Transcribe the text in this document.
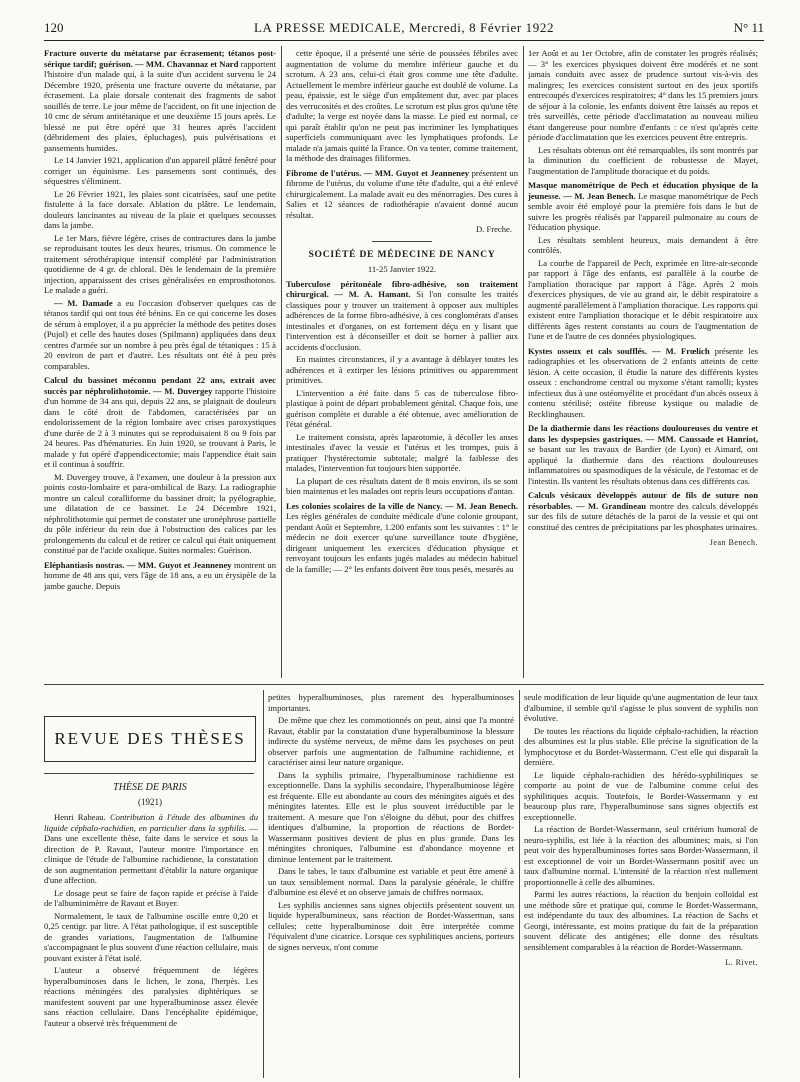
120	LA PRESSE MEDICALE, Mercredi, 8 Février 1922	N° 11

Fracture ouverte du métatarse par écrasement; tétanos post-sérique tardif; guérison. — MM. Chavannaz et Nard rapportent l'histoire d'un malade qui, à la suite d'un accident survenu le 24 Décembre 1920, présenta une fracture ouverte du métatarse, par écrasement. La plaie dorsale contenait des fragments de sabot souillés de terre. Le jour même de l'accident, on fit une injection de 10 cmc de sérum antitétanique et une deuxième 15 jours après. Le blessé ne put être opéré que 31 heures après l'accident (débridement des plaies, épluchages), puis pulvérisations et pansements humides.

Le 14 Janvier 1921, application d'un appareil plâtré fenêtré pour corriger un équinisme. Les pansements sont continués, des séquestres s'éliminent.

Le 26 Février 1921, les plaies sont cicatrisées, sauf une petite fistulette à la face dorsale. Ablation du plâtre. Le lendemain, douleurs lancinantes au niveau de la plaie et quelques secousses dans la jambe.

Le 1er Mars, fièvre légère, crises de contractures dans la jambe se reproduisant toutes les deux heures, trismus. On commence le traitement sérothérapique intensif complété par l'administration quotidienne de 4 gr. de chloral. Dès le lendemain de la première injection, apparaissent des crises généralisées en emprosthotonos. Le malade a guéri.

— M. Damade a eu l'occasion d'observer quelques cas de tétanos tardif qui ont tous été bénins. En ce qui concerne les doses de sérum à employer, il a pu apprécier la méthode des petites doses (Pujol) et celle des hautes doses (Spilmann) appliquées dans deux centres d'armée sur un nombre à peu près égal de tétaniques : 15 à 20 environ de part et d'autre. Les résultats ont été à peu près comparables.

Calcul du bassinet méconnu pendant 22 ans, extrait avec succès par néphrolithotomie. — M. Duvergey rapporte l'histoire d'un homme de 34 ans qui, depuis 22 ans, se plaignait de douleurs dans le côté droit de l'abdomen, caractérisées par un endolorissement de la région lombaire avec crises paroxystiques d'une durée de 2 à 3 minutes qui se reproduisaient 8 ou 9 fois par 24 heures. Pas d'hématuries. En Juin 1920, se trouvant à Paris, le malade y fut opéré d'appendicectomie; mais l'appendice était sain et il continua à souffrir.

M. Duvergey trouve, à l'examen, une douleur à la pression aux points costo-lombaire et para-ombilical de Bazy. La radiographie montre un calcul coralliforme du bassinet droit; la pyélographie, une dilatation de ce bassinet. Le 24 Décembre 1921, néphrolithotomie qui permet de constater une uronéphrose partielle du pôle inférieur du rein due à l'obstruction des calices par les prolongements du calcul et de retirer ce calcul qui était uniquement constitué par de l'acide oxalique. Suites normales: Guérison.

Eléphantiasis nostras. — MM. Guyot et Jeanneney montrent un homme de 48 ans qui, vers l'âge de 18 ans, a eu un érysipèle de la jambe gauche. Depuis

cette époque, il a présenté une série de poussées fébriles avec augmentation de volume du membre inférieur gauche et du scrotum. A 23 ans, celui-ci était gros comme une tête d'adulte. Actuellement le membre inférieur gauche est doublé de volume. La peau, épaissie, est le siège d'un empâtement dur, avec par places des verrucosités et des croûtes. Le scrotum est plus gros qu'une tête d'adulte; la verge est noyée dans la masse. Le pied est normal, ce qui paraît établir qu'on ne peut pas incriminer les lymphatiques superficiels communiquant avec les lymphatiques profonds. Le malade n'a jamais quitté la France. On va tenter, comme traitement, la méthode des drainages filiformes.

Fibrome de l'utérus. — MM. Guyot et Jeanneney présentent un fibrome de l'utérus, du volume d'une tête d'adulte, qui a été enlevé chirurgicalement. La malade avait eu des ménorragies. Des cures à Salies et 12 séances de radiothérapie n'avaient donné aucun résultat.

D. Freche.

SOCIÉTÉ DE MÉDECINE DE NANCY

11-25 Janvier 1922.

Tuberculose péritonéale fibro-adhésive, son traitement chirurgical. — M. A. Hamant. Si l'on consulte les traités classiques pour y trouver un traitement à opposer aux multiples adhérences de la forme fibro-adhésive, à ces conglomérats d'anses intestinales et d'organes, on est fortement déçu en y lisant que l'intervention est à déconseiller et doit se borner à pallier aux accidents d'occlusion.

En maintes circonstances, il y a avantage à déblayer toutes les adhérences et à extirper les lésions primitives ou apparemment primitives.

L'intervention a été faite dans 5 cas de tuberculose fibro-plastique à point de départ probablement génital. Chaque fois, une guérison complète et durable a été obtenue, avec amélioration de l'état général.

Le traitement consista, après laparotomie, à décoller les anses intestinales d'avec la vessie et l'utérus et les trompes, puis à pratiquer l'hystérectomie subtotale; malgré la faiblesse des malades, l'intervention fut toujours bien supportée.

La plupart de ces résultats datent de 8 mois environ, ils se sont bien maintenus et les malades ont repris leurs occupations d'antan.

Les colonies scolaires de la ville de Nancy. — M. Jean Benech. Les règles générales de conduite médicale d'une colonie groupant, pendant Août et Septembre, 1.200 enfants sont les suivantes : 1° le médecin ne doit exercer qu'une surveillance toute d'hygiène, dirigeant uniquement les exercices d'éducation physique et renvoyant toujours les enfants jugés malades au médecin habituel de la famille; — 2° les enfants doivent être tous pesés, mesurés au

1er Août et au 1er Octobre, afin de constater les progrès réalisés; — 3° les exercices physiques doivent être modérés et ne sont jamais conduits avec assez de prudence surtout vis-à-vis des malingres; les exercices consistent surtout en des jeux sportifs entrecoupés d'exercices respiratoires; 4° dans les 15 premiers jours de séjour à la colonie, les enfants doivent être laissés au repos et très surveillés, cette période d'acclimatation au nouveau milieu étant dangereuse pour nombre d'enfants : ce n'est qu'après cette période d'acclimatation que les exercices peuvent être entrepris.

Les résultats obtenus ont été remarquables, ils sont montrés par la diminution du coefficient de robustesse de Mayet, l'augmentation de l'amplitude thoracique et du poids.

Masque manométrique de Pech et éducation physique de la jeunesse. — M. Jean Benech. Le masque manométrique de Pech semble avoir été employé pour la première fois dans le but de suivre les progrès réalisés par l'appareil pulmonaire au cours de l'éducation physique.

Les résultats semblent heureux, mais demandent à être contrôlés.

La courbe de l'appareil de Pech, exprimée en litre-air-seconde par rapport à l'âge des enfants, est parallèle à la courbe de l'ampliation thoracique par rapport à l'âge. Après 2 mois d'exercices physiques, de vie au grand air, le débit respiratoire a augmenté parallèlement à l'ampliation thoracique. Les rapports qui existent entre l'ampliation thoracique et le débit respiratoire aux différents âges restent constants au cours de l'augmentation de l'une et de l'autre de ces données physiologiques.

Kystes osseux et cals soufflés. — M. Frœlich présente les radiographies et les observations de 2 enfants atteints de cette lésion. A cette occasion, il étudie la nature des différents kystes osseux : enchondrome central ou myxome s'étant ramolli; kystes infectieux dus à une ostéomyélite et procédant d'un abcès osseux à contenu stérilisé; ostéite fibreuse kystique ou maladie de Recklinghausen.

De la diathermie dans les réactions douloureuses du ventre et dans les dyspepsies gastriques. — MM. Caussade et Hanriot, se basant sur les travaux de Bardier (de Lyon) et Aimard, ont appliqué la diathermie dans des réactions douloureuses inflammatoires ou spasmodiques de la vésicule, de l'estomac et de l'intestin. Ils vantent les résultats obtenus dans ces différents cas.

Calculs vésicaux développés autour de fils de suture non résorbables. — M. Grandineau montre des calculs développés sur des fils de suture détachés de la paroi de la vessie et qui ont constitué des centres de précipitations par les phosphates urinaires.

Jean Benech.
REVUE DES THÈSES
THÈSE DE PARIS
(1921)

Henri Rabeau. Contribution à l'étude des albumines du liquide céphalo-rachidien, en particulier dans la syphilis. — Dans une excellente thèse, faite dans le service et sous la direction de P. Ravaut, l'auteur montre l'importance en clinique de l'étude de l'albumine rachidienne, la constatation de son augmentation permettant d'établir la nature organique d'une affection.

Le dosage peut se faire de façon rapide et précise à l'aide de l'albuminimètre de Ravaut et Boyer.

Normalement, le taux de l'albumine oscille entre 0,20 et 0,25 centigr. par litre. A l'état pathologique, il est susceptible de grandes variations, l'augmentation de l'albumine s'accompagnant le plus souvent d'une réaction cellulaire, mais pouvant exister à l'état isolé.

L'auteur a observé fréquemment de légères hyperalbuminoses dans le lichen, le zona, l'herpès. Les réactions méningées des paralysies diphtériques se manifestent souvent par une hyperalbuminose assez élevée sans réaction cellulaire. Dans l'encéphalite épidémique, l'auteur a observé très fréquemment de

petites hyperalbuminoses, plus rarement des hyperalbuminoses importantes.

De même que chez les commotionnés on peut, ainsi que l'a montré Ravaut, établir par la constatation d'une hyperalbuminose la blessure indirecte du système nerveux, de même dans les psychoses on peut observer parfois une augmentation de l'albumine rachidienne, et caractériser ainsi leur nature organique.

Dans la syphilis primaire, l'hyperalbuminose rachidienne est exceptionnelle. Dans la syphilis secondaire, l'hyperalbuminose légère est fréquente. Elle est abondante au cours des méningites aiguës et des méningites latentes. Elle est le plus souvent irréductible par le traitement. A mesure que l'on s'éloigne du début, pour des chiffres identiques d'albumine, la proportion de réactions de Bordet-Wassermann positives devient de plus en plus grande. Dans les méningites chroniques, l'albumine est d'abondance moyenne et diminue lentement par le traitement.

Dans le tabes, le taux d'albumine est variable et peut être amené à un taux sensiblement normal. Dans la paralysie générale, le chiffre d'albumine est élevé et on observe jamais de chiffres normaux.

Les syphilis anciennes sans signes objectifs présentent souvent un liquide hyperalbumineux, sans réaction de Bordet-Wasserman, sans cellules; cette hyperalbuminose doit être interprétée comme l'équivalent d'une cicatrice. Lorsque ces syphilitiques anciens, porteurs de signes nerveux, n'ont comme

seule modification de leur liquide qu'une augmentation de leur taux d'albumine, il semble qu'il s'agisse le plus souvent de syphilis non évolutive.

De toutes les réactions du liquide céphalo-rachidien, la réaction des albumines est la plus stable. Elle précise la signification de la lymphocytose et du Bordet-Wassermann. C'est elle qui disparaît la dernière.

Le liquide céphalo-rachidien des hérédo-syphilitiques se comporte au point de vue de l'albumine comme celui des syphilitiques acquis. Toutefois, le Bordet-Wassermann y est beaucoup plus rare, l'hyperalbuminose sans signes objectifs est exceptionnelle.

La réaction de Bordet-Wassermann, seul critérium humoral de neuro-syphilis, est liée à la réaction des albumines; mais, si l'on peut voir des hyperalbuminoses fortes sans Bordet-Wassermann, il est exceptionnel de voir un Bordet-Wassermann positif avec un taux d'albumine normal. L'intensité de la réaction n'est nullement proportionnelle à celle des albumines.

Parmi les autres réactions, la réaction du benjoin colloïdal est une méthode sûre et pratique qui, comme le Bordet-Wassermann, est indépendante du taux des albumines. La réaction de Sachs et Georgi, intéressante, est moins pratique du fait de la préparation souvent délicate des antigènes; elle donne des résultats sensiblement comparables à la réaction de Bordet-Wassermann.

L. Rivet.
